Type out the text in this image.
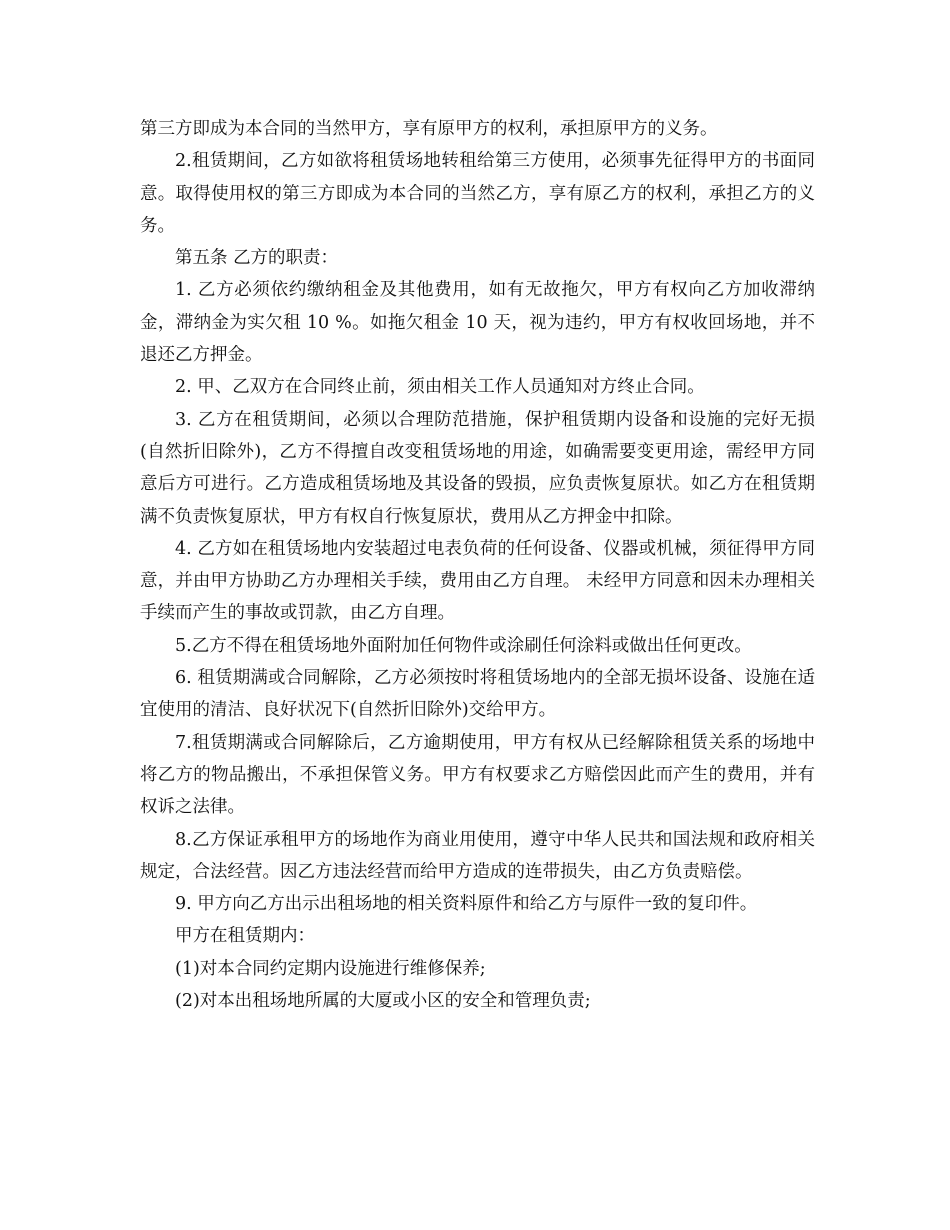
第三方即成为本合同的当然甲方，享有原甲方的权利，承担原甲方的义务。

2.租赁期间，乙方如欲将租赁场地转租给第三方使用，必须事先征得甲方的书面同意。取得使用权的第三方即成为本合同的当然乙方，享有原乙方的权利，承担乙方的义务。

第五条 乙方的职责：

1. 乙方必须依约缴纳租金及其他费用，如有无故拖欠，甲方有权向乙方加收滞纳金，滞纳金为实欠租 10 %。如拖欠租金 10 天，视为违约，甲方有权收回场地，并不退还乙方押金。

2. 甲、乙双方在合同终止前，须由相关工作人员通知对方终止合同。

3. 乙方在租赁期间，必须以合理防范措施，保护租赁期内设备和设施的完好无损(自然折旧除外)，乙方不得擅自改变租赁场地的用途，如确需要变更用途，需经甲方同意后方可进行。乙方造成租赁场地及其设备的毁损，应负责恢复原状。如乙方在租赁期满不负责恢复原状，甲方有权自行恢复原状，费用从乙方押金中扣除。

4. 乙方如在租赁场地内安装超过电表负荷的任何设备、仪器或机械，须征得甲方同意，并由甲方协助乙方办理相关手续，费用由乙方自理。 未经甲方同意和因未办理相关手续而产生的事故或罚款，由乙方自理。

5.乙方不得在租赁场地外面附加任何物件或涂刷任何涂料或做出任何更改。

6. 租赁期满或合同解除，乙方必须按时将租赁场地内的全部无损坏设备、设施在适宜使用的清洁、良好状况下(自然折旧除外)交给甲方。

7.租赁期满或合同解除后，乙方逾期使用，甲方有权从已经解除租赁关系的场地中将乙方的物品搬出，不承担保管义务。甲方有权要求乙方赔偿因此而产生的费用，并有权诉之法律。

8.乙方保证承租甲方的场地作为商业用使用，遵守中华人民共和国法规和政府相关规定，合法经营。因乙方违法经营而给甲方造成的连带损失，由乙方负责赔偿。

9. 甲方向乙方出示出租场地的相关资料原件和给乙方与原件一致的复印件。

甲方在租赁期内：

(1)对本合同约定期内设施进行维修保养;

(2)对本出租场地所属的大厦或小区的安全和管理负责;
